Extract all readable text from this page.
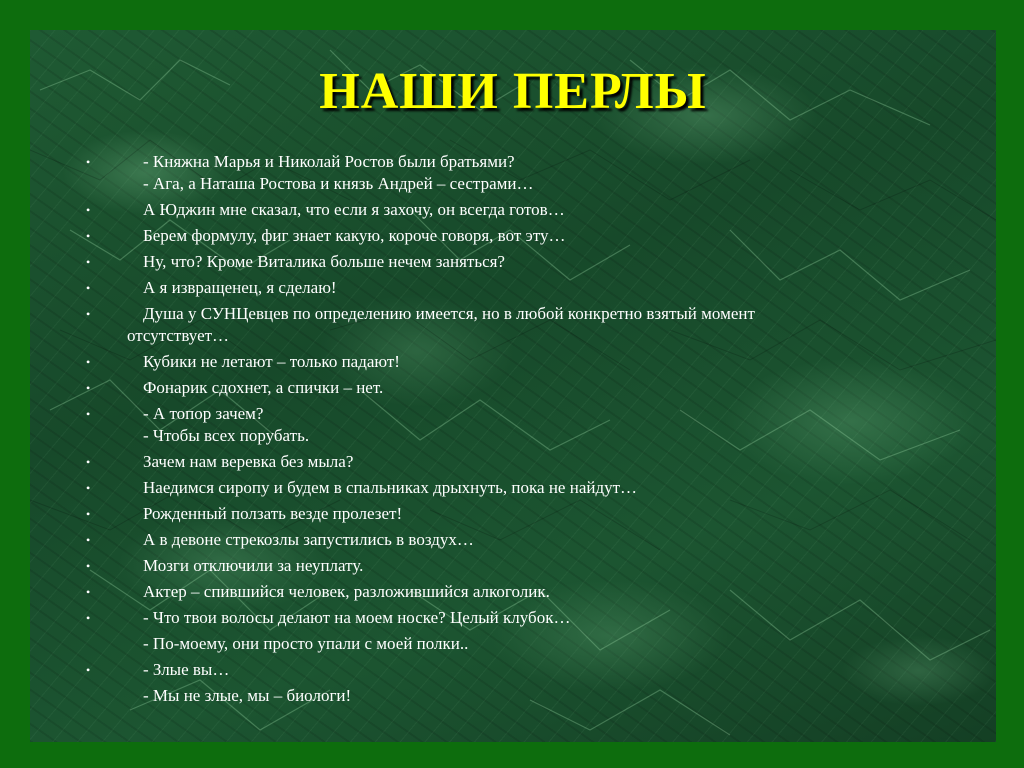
НАШИ ПЕРЛЫ
•	- Княжна Марья и Николай Ростов были братьями?
- Ага, а Наташа Ростова и князь Андрей – сестрами…
•	А Юджин мне сказал, что если я захочу, он всегда готов…
•	Берем формулу, фиг знает какую, короче говоря, вот эту…
•	Ну, что? Кроме Виталика больше нечем заняться?
•	А я извращенец, я сделаю!
•	Душа у СУНЦевцев по определению имеется, но в любой конкретно взятый момент
отсутствует…
•	Кубики не летают – только падают!
•	Фонарик сдохнет, а спички – нет.
•	- А топор зачем?
- Чтобы всех порубать.
•	Зачем нам веревка без мыла?
•	Наедимся сиропу и будем в спальниках дрыхнуть, пока не найдут…
•	Рожденный ползать везде пролезет!
•	А в девоне стрекозлы запустились в воздух…
•	Мозги отключили за неуплату.
•	Актер – спившийся человек, разложившийся алкоголик.
•	- Что твои волосы делают на моем носке? Целый клубок…
- По-моему, они просто упали с моей полки..
•	- Злые вы…
- Мы не злые, мы – биологи!
